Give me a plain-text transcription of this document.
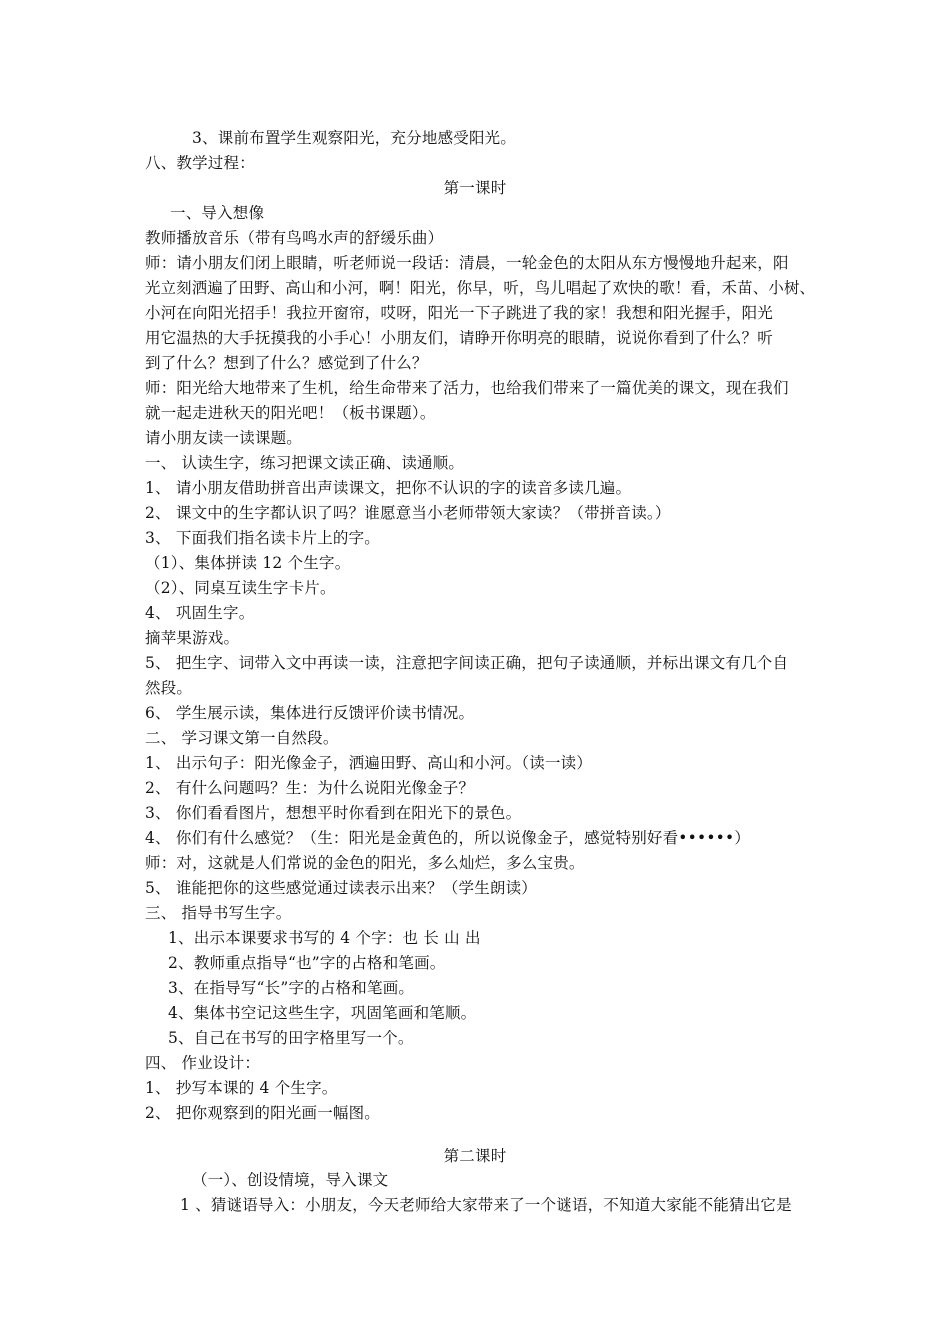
3、课前布置学生观察阳光，充分地感受阳光。
八、教学过程：
第一课时
一、导入想像
教师播放音乐（带有鸟鸣水声的舒缓乐曲）
师：请小朋友们闭上眼睛，听老师说一段话：清晨，一轮金色的太阳从东方慢慢地升起来，阳
光立刻洒遍了田野、高山和小河，啊！阳光，你早，听，鸟儿唱起了欢快的歌！看，禾苗、小树、
小河在向阳光招手！我拉开窗帘，哎呀，阳光一下子跳进了我的家！我想和阳光握手，阳光
用它温热的大手抚摸我的小手心！小朋友们，请睁开你明亮的眼睛，说说你看到了什么？听
到了什么？想到了什么？感觉到了什么？
师：阳光给大地带来了生机，给生命带来了活力，也给我们带来了一篇优美的课文，现在我们
就一起走进秋天的阳光吧！（板书课题）。
请小朋友读一读课题。
一、 认读生字，练习把课文读正确、读通顺。
1、 请小朋友借助拼音出声读课文，把你不认识的字的读音多读几遍。
2、 课文中的生字都认识了吗？谁愿意当小老师带领大家读？（带拼音读。）
3、 下面我们指名读卡片上的字。
（1）、集体拼读 12 个生字。
（2）、同桌互读生字卡片。
4、 巩固生字。
摘苹果游戏。
5、 把生字、词带入文中再读一读，注意把字间读正确，把句子读通顺，并标出课文有几个自
然段。
6、 学生展示读，集体进行反馈评价读书情况。
二、 学习课文第一自然段。
1、 出示句子：阳光像金子，洒遍田野、高山和小河。（读一读）
2、 有什么问题吗？生：为什么说阳光像金子？
3、 你们看看图片，想想平时你看到在阳光下的景色。
4、 你们有什么感觉？（生：阳光是金黄色的，所以说像金子，感觉特别好看••••••）
师：对，这就是人们常说的金色的阳光，多么灿烂，多么宝贵。
5、 谁能把你的这些感觉通过读表示出来？（学生朗读）
三、 指导书写生字。
1、出示本课要求书写的 4 个字：也 长 山 出
2、教师重点指导“也”字的占格和笔画。
3、在指导写“长”字的占格和笔画。
4、集体书空记这些生字，巩固笔画和笔顺。
5、自己在书写的田字格里写一个。
四、 作业设计：
1、 抄写本课的 4 个生字。
2、 把你观察到的阳光画一幅图。
第二课时
（一）、创设情境，导入课文
1 、猜谜语导入：小朋友，今天老师给大家带来了一个谜语，不知道大家能不能猜出它是
